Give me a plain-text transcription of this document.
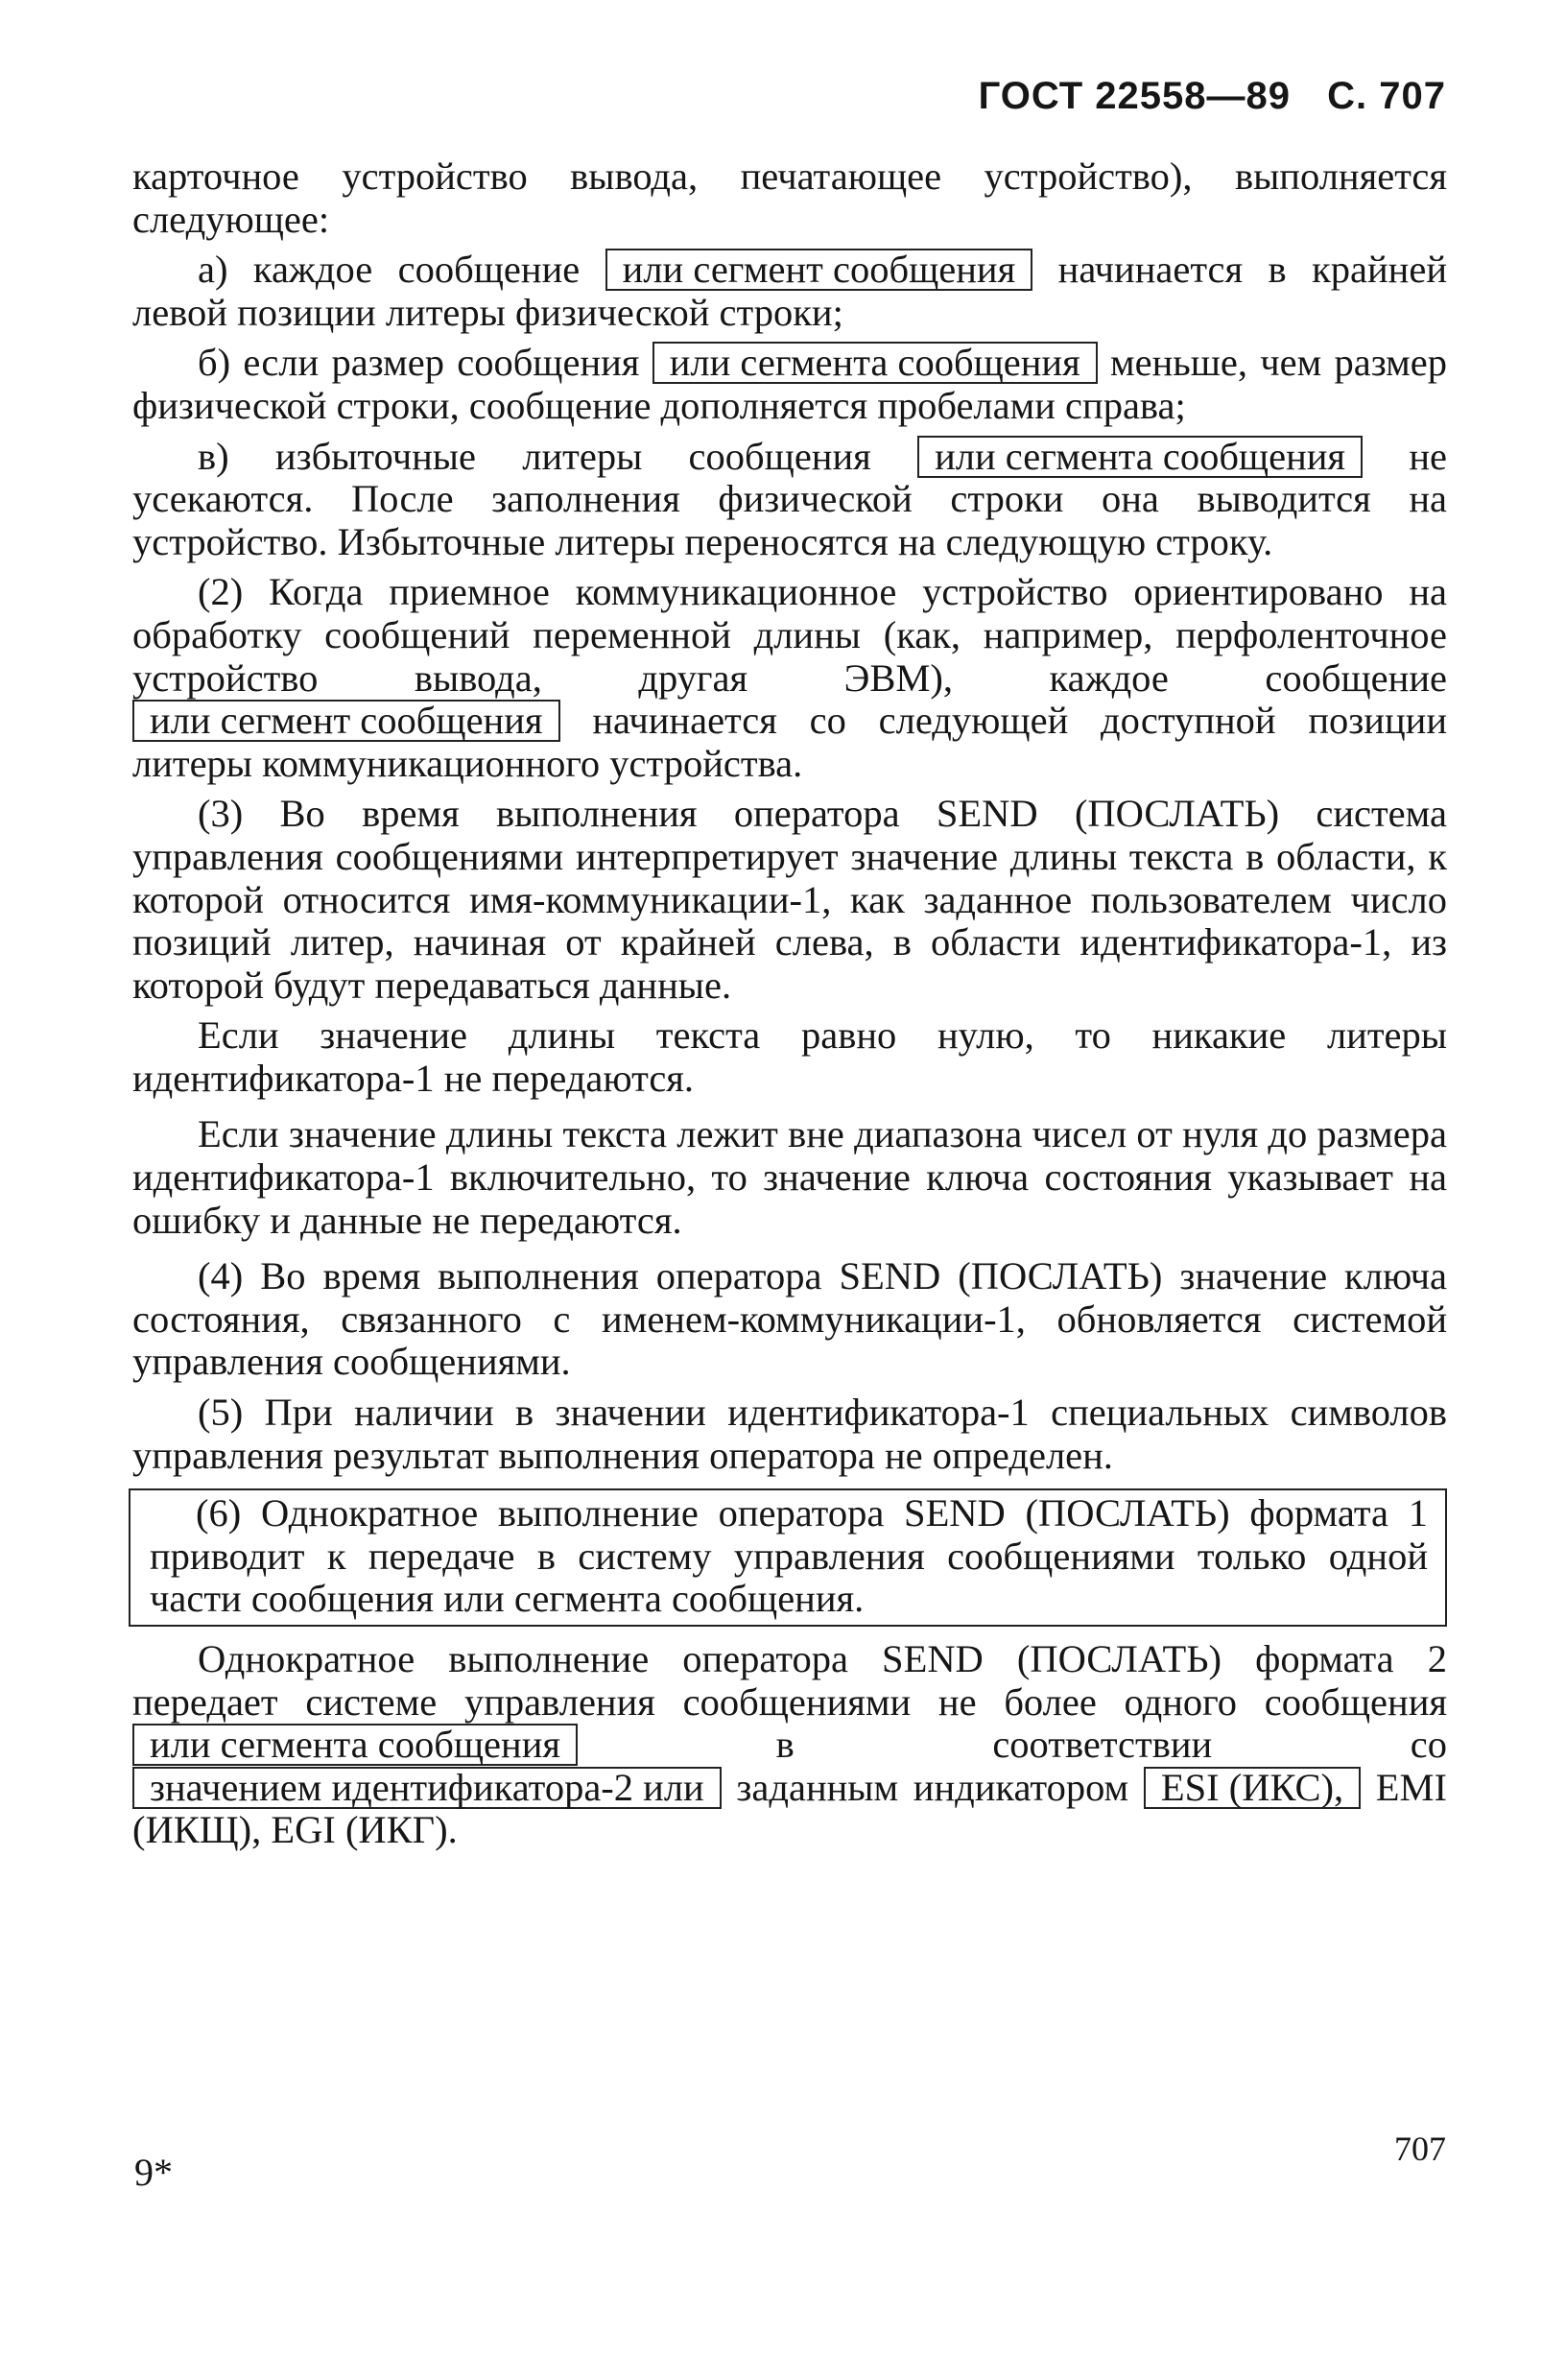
ГОСТ 22558—89 С. 707

карточное устройство вывода, печатающее устройство), выполняется следующее:

а) каждое сообщение или сегмент сообщения начинается в крайней левой позиции литеры физической строки;

б) если размер сообщения или сегмента сообщения меньше, чем размер физической строки, сообщение дополняется пробелами справа;

в) избыточные литеры сообщения или сегмента сообщения не усекаются. После заполнения физической строки она выводится на устройство. Избыточные литеры переносятся на следующую строку.

(2) Когда приемное коммуникационное устройство ориентировано на обработку сообщений переменной длины (как, например, перфоленточное устройство вывода, другая ЭВМ), каждое сообщение или сегмент сообщения начинается со следующей доступной позиции литеры коммуникационного устройства.

(3) Во время выполнения оператора SEND (ПОСЛАТЬ) система управления сообщениями интерпретирует значение длины текста в области, к которой относится имя-коммуникации-1, как заданное пользователем число позиций литер, начиная от крайней слева, в области идентификатора-1, из которой будут передаваться данные.

Если значение длины текста равно нулю, то никакие литеры идентификатора-1 не передаются.

Если значение длины текста лежит вне диапазона чисел от нуля до размера идентификатора-1 включительно, то значение ключа состояния указывает на ошибку и данные не передаются.

(4) Во время выполнения оператора SEND (ПОСЛАТЬ) значение ключа состояния, связанного с именем-коммуникации-1, обновляется системой управления сообщениями.

(5) При наличии в значении идентификатора-1 специальных символов управления результат выполнения оператора не определен.

(6) Однократное выполнение оператора SEND (ПОСЛАТЬ) формата 1 приводит к передаче в систему управления сообщениями только одной части сообщения или сегмента сообщения.

Однократное выполнение оператора SEND (ПОСЛАТЬ) формата 2 передает системе управления сообщениями не более одного сообщения или сегмента сообщения	в соответствии со значением идентификатора-2 или заданным индикатором ESI (ИКС), EMI (ИКЩ), EGI (ИКГ).

9*
707
